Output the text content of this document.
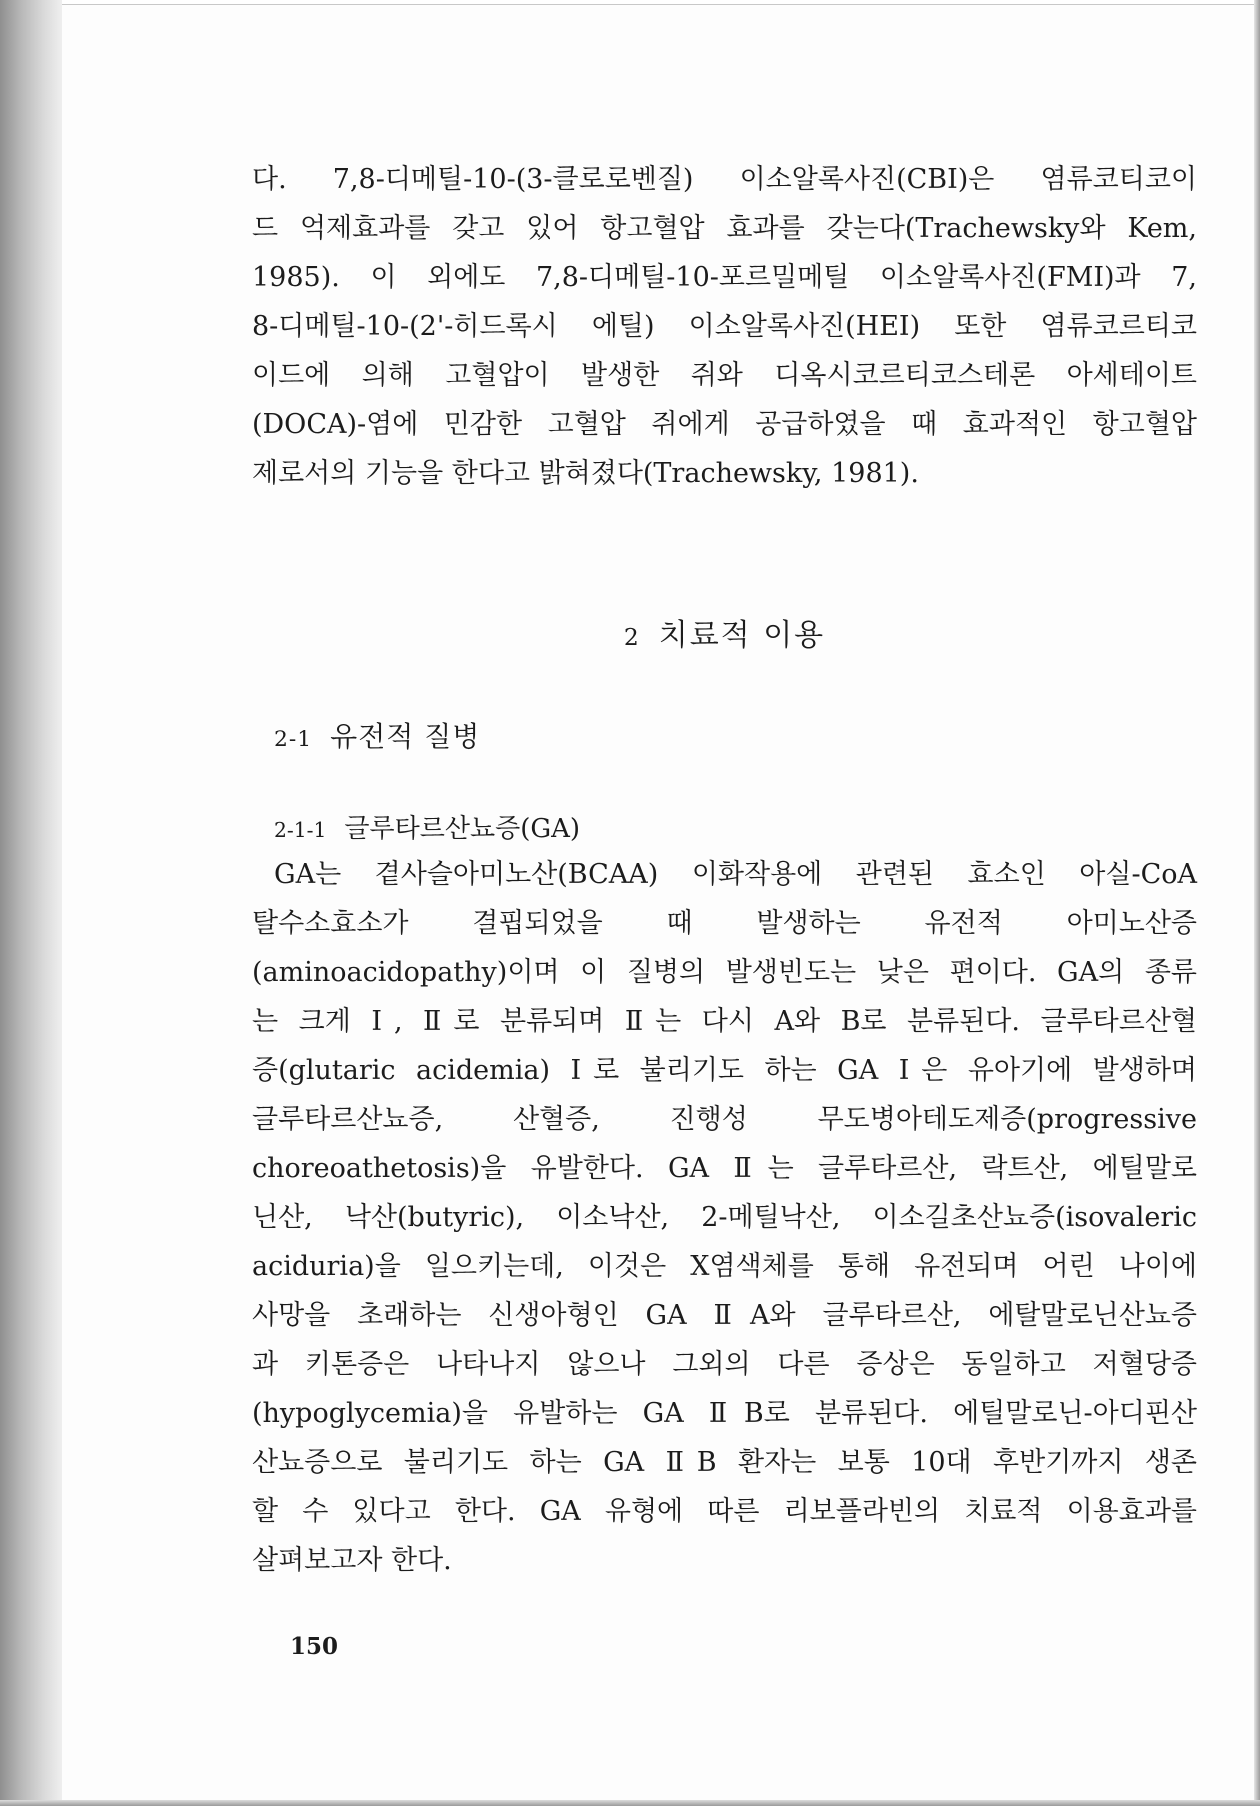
다. 7,8-디메틸-10-(3-클로로벤질) 이소알록사진(CBI)은 염류코티코이
드 억제효과를 갖고 있어 항고혈압 효과를 갖는다(Trachewsky와 Kem,
1985). 이 외에도 7,8-디메틸-10-포르밀메틸 이소알록사진(FMI)과 7,
8-디메틸-10-(2'-히드록시 에틸) 이소알록사진(HEI) 또한 염류코르티코
이드에 의해 고혈압이 발생한 쥐와 디옥시코르티코스테론 아세테이트
(DOCA)-염에 민감한 고혈압 쥐에게 공급하였을 때 효과적인 항고혈압
제로서의 기능을 한다고 밝혀졌다(Trachewsky, 1981).
2 치료적 이용
2-1 유전적 질병
2-1-1 글루타르산뇨증(GA)
GA는 곁사슬아미노산(BCAA) 이화작용에 관련된 효소인 아실-CoA
탈수소효소가 결핍되었을 때 발생하는 유전적 아미노산증
(aminoacidopathy)이며 이 질병의 발생빈도는 낮은 편이다. GA의 종류
는 크게 Ⅰ, Ⅱ로 분류되며 Ⅱ는 다시 A와 B로 분류된다. 글루타르산혈
증(glutaric acidemia) Ⅰ로 불리기도 하는 GA Ⅰ은 유아기에 발생하며
글루타르산뇨증, 산혈증, 진행성 무도병아테도제증(progressive
choreoathetosis)을 유발한다. GA Ⅱ는 글루타르산, 락트산, 에틸말로
닌산, 낙산(butyric), 이소낙산, 2-메틸낙산, 이소길초산뇨증(isovaleric
aciduria)을 일으키는데, 이것은 X염색체를 통해 유전되며 어린 나이에
사망을 초래하는 신생아형인 GA ⅡA와 글루타르산, 에탈말로닌산뇨증
과 키톤증은 나타나지 않으나 그외의 다른 증상은 동일하고 저혈당증
(hypoglycemia)을 유발하는 GA ⅡB로 분류된다. 에틸말로닌-아디핀산
산뇨증으로 불리기도 하는 GA ⅡB 환자는 보통 10대 후반기까지 생존
할 수 있다고 한다. GA 유형에 따른 리보플라빈의 치료적 이용효과를
살펴보고자 한다.
150
